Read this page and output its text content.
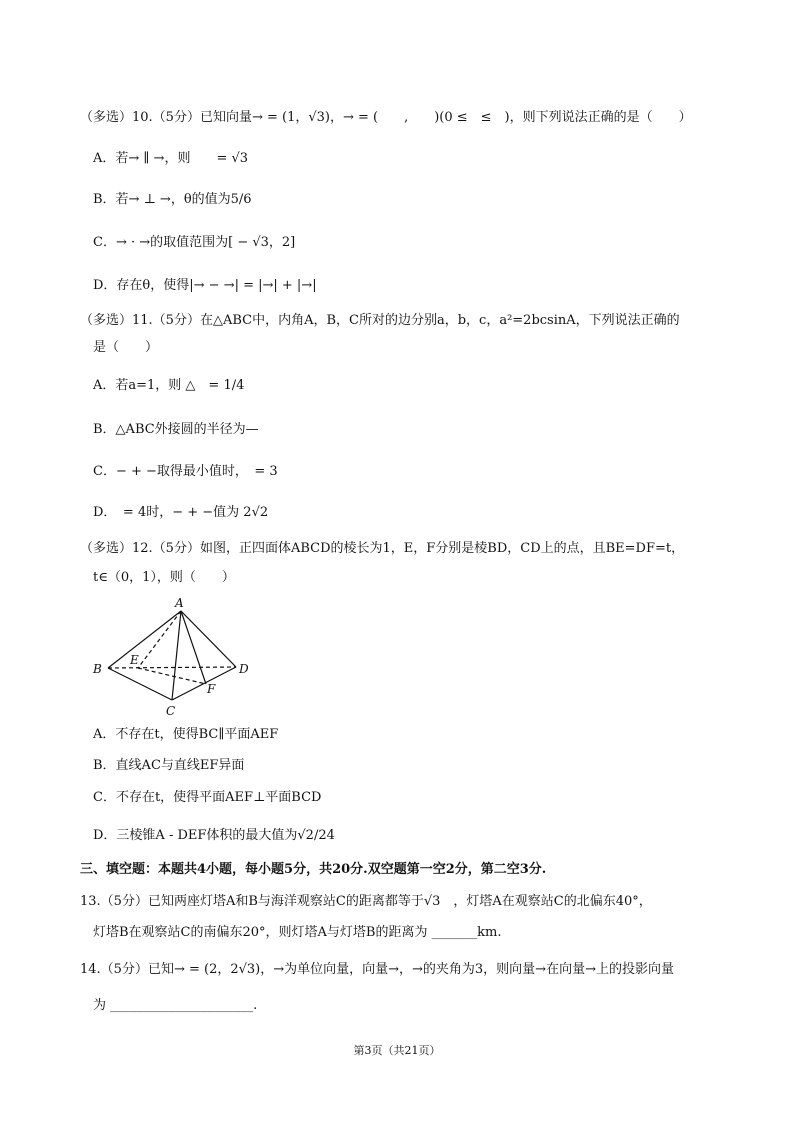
（多选）10.（5分）已知向量→ = (1，√3)，→ = (　　,　　)(0 ≤　≤　)，则下列说法正确的是（　　）
A．若→ ∥ →，则　　= √3
B．若→ ⊥ →，θ的值为5/6
C．→ · →的取值范围为[ − √3，2]
D．存在θ，使得|→ − →| = |→| + |→|
（多选）11.（5分）在△ABC中，内角A，B，C所对的边分别a，b，c，a²=2bcsinA，下列说法正确的
是（　　）
A．若a=1，则 △　= 1/4
B．△ABC外接圆的半径为—
C．− + −取得最小值时，　= 3
D．　= 4时，− + −值为 2√2
（多选）12.（5分）如图，正四面体ABCD的棱长为1，E，F分别是棱BD，CD上的点，且BE=DF=t，
t∈（0，1），则（　　）
A．不存在t，使得BC∥平面AEF
B．直线AC与直线EF异面
C．不存在t，使得平面AEF⊥平面BCD
D．三棱锥A - DEF体积的最大值为√2/24
三、填空题：本题共4小题，每小题5分，共20分.双空题第一空2分，第二空3分.
13.（5分）已知两座灯塔A和B与海洋观察站C的距离都等于√3　，灯塔A在观察站C的北偏东40°，
灯塔B在观察站C的南偏东20°，则灯塔A与灯塔B的距离为 _______km.
14.（5分）已知→ = (2，2√3)，→为单位向量，向量→，→的夹角为3，则向量→在向量→上的投影向量
为 ______________________.
A
B
C
D
E
F
第3页（共21页）
